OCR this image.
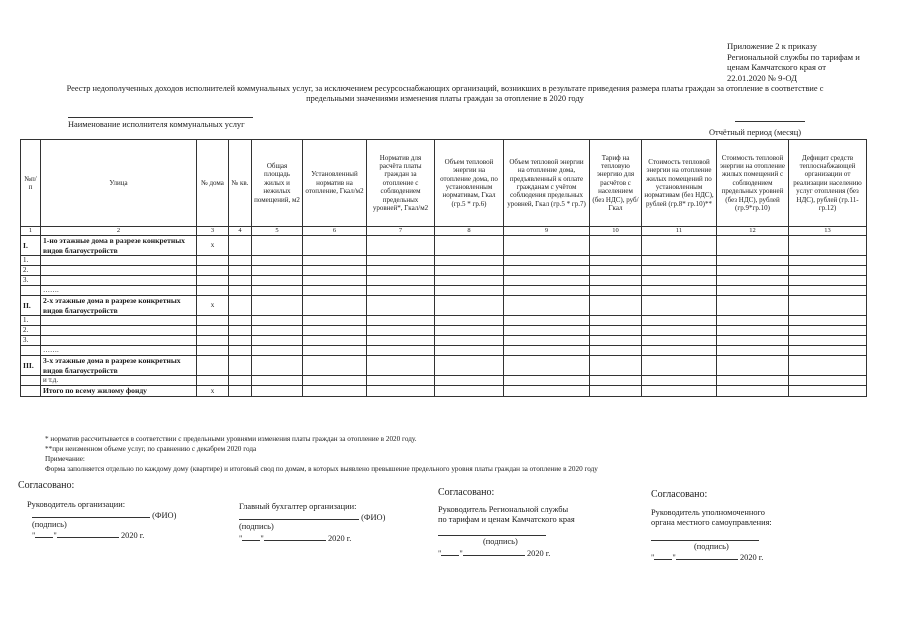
Приложение 2 к приказу
Региональной службы по тарифам и
ценам Камчатского края от
22.01.2020 № 9-ОД
Реестр недополученных доходов исполнителей коммунальных услуг, за исключением ресурсоснабжающих организаций, возникших в результате приведения размера платы граждан за отопление в соответствие с
предельными значениями изменения платы граждан за отопление в 2020 году
Наименование исполнителя коммунальных услуг
Отчётный период (месяц)
№п/п	Улица	№ дома	№ кв.	Общая площадь жилых и нежилых помещений, м2	Установленный норматив на отопление, Гкал/м2	Норматив для расчёта платы граждан за отопление с соблюдением предельных уровней*, Гкал/м2	Объем тепловой энергии на отопление дома, по установленным нормативам, Гкал (гр.5 * гр.6)	Объем тепловой энергии на отопление дома, предъявленный к оплате гражданам с учётом соблюдения предельных уровней, Гкал (гр.5 * гр.7)	Тариф на тепловую энергию для расчётов с населением (без НДС), руб/Гкал	Стоимость тепловой энергии на отопление жилых помещений по установленным нормативам (без НДС), рублей (гр.8* гр.10)**	Стоимость тепловой энергии на отопление жилых помещений с соблюдением предельных уровней (без НДС), рублей (гр.9*гр.10)	Дефицит средств теплоснабжающей организации от реализации населению услуг отопления (без НДС), рублей (гр.11-гр.12)
1	2	3	4	5	6	7	8	9	10	11	12	13
I.	1-но этажные дома в разрезе конкретных видов благоустройств	х										
1.												
2.												
3.												
	…….											
II.	2-х этажные дома в разрезе конкретных видов благоустройств	х										
1.												
2.												
3.												
	…….											
III.	3-х этажные дома в разрезе конкретных видов благоустройств											
	и т.д.											
	Итого по всему жилому фонду	х										
* норматив рассчитывается в соответствии с предельными уровнями изменения платы граждан за отопление в 2020 году.
**при неизменном объеме услуг, по сравнению с декабрем 2020 года
Примечание:
Форма заполняется отдельно по каждому дому (квартире) и итоговый свод по домам, в которых выявлено превышение предельного уровня платы граждан за отопление в 2020 году
Согласовано:
Руководитель организации:
(ФИО)
(подпись)
" "	2020 г.
Главный бухгалтер организации:
(ФИО)
(подпись)
" "	2020 г.
Согласовано:
Руководитель Региональной службы
по тарифам и ценам Камчатского края
(подпись)
" "	2020 г.
Согласовано:
Руководитель уполномоченного
органа местного самоуправления:
(подпись)
" "	2020 г.
